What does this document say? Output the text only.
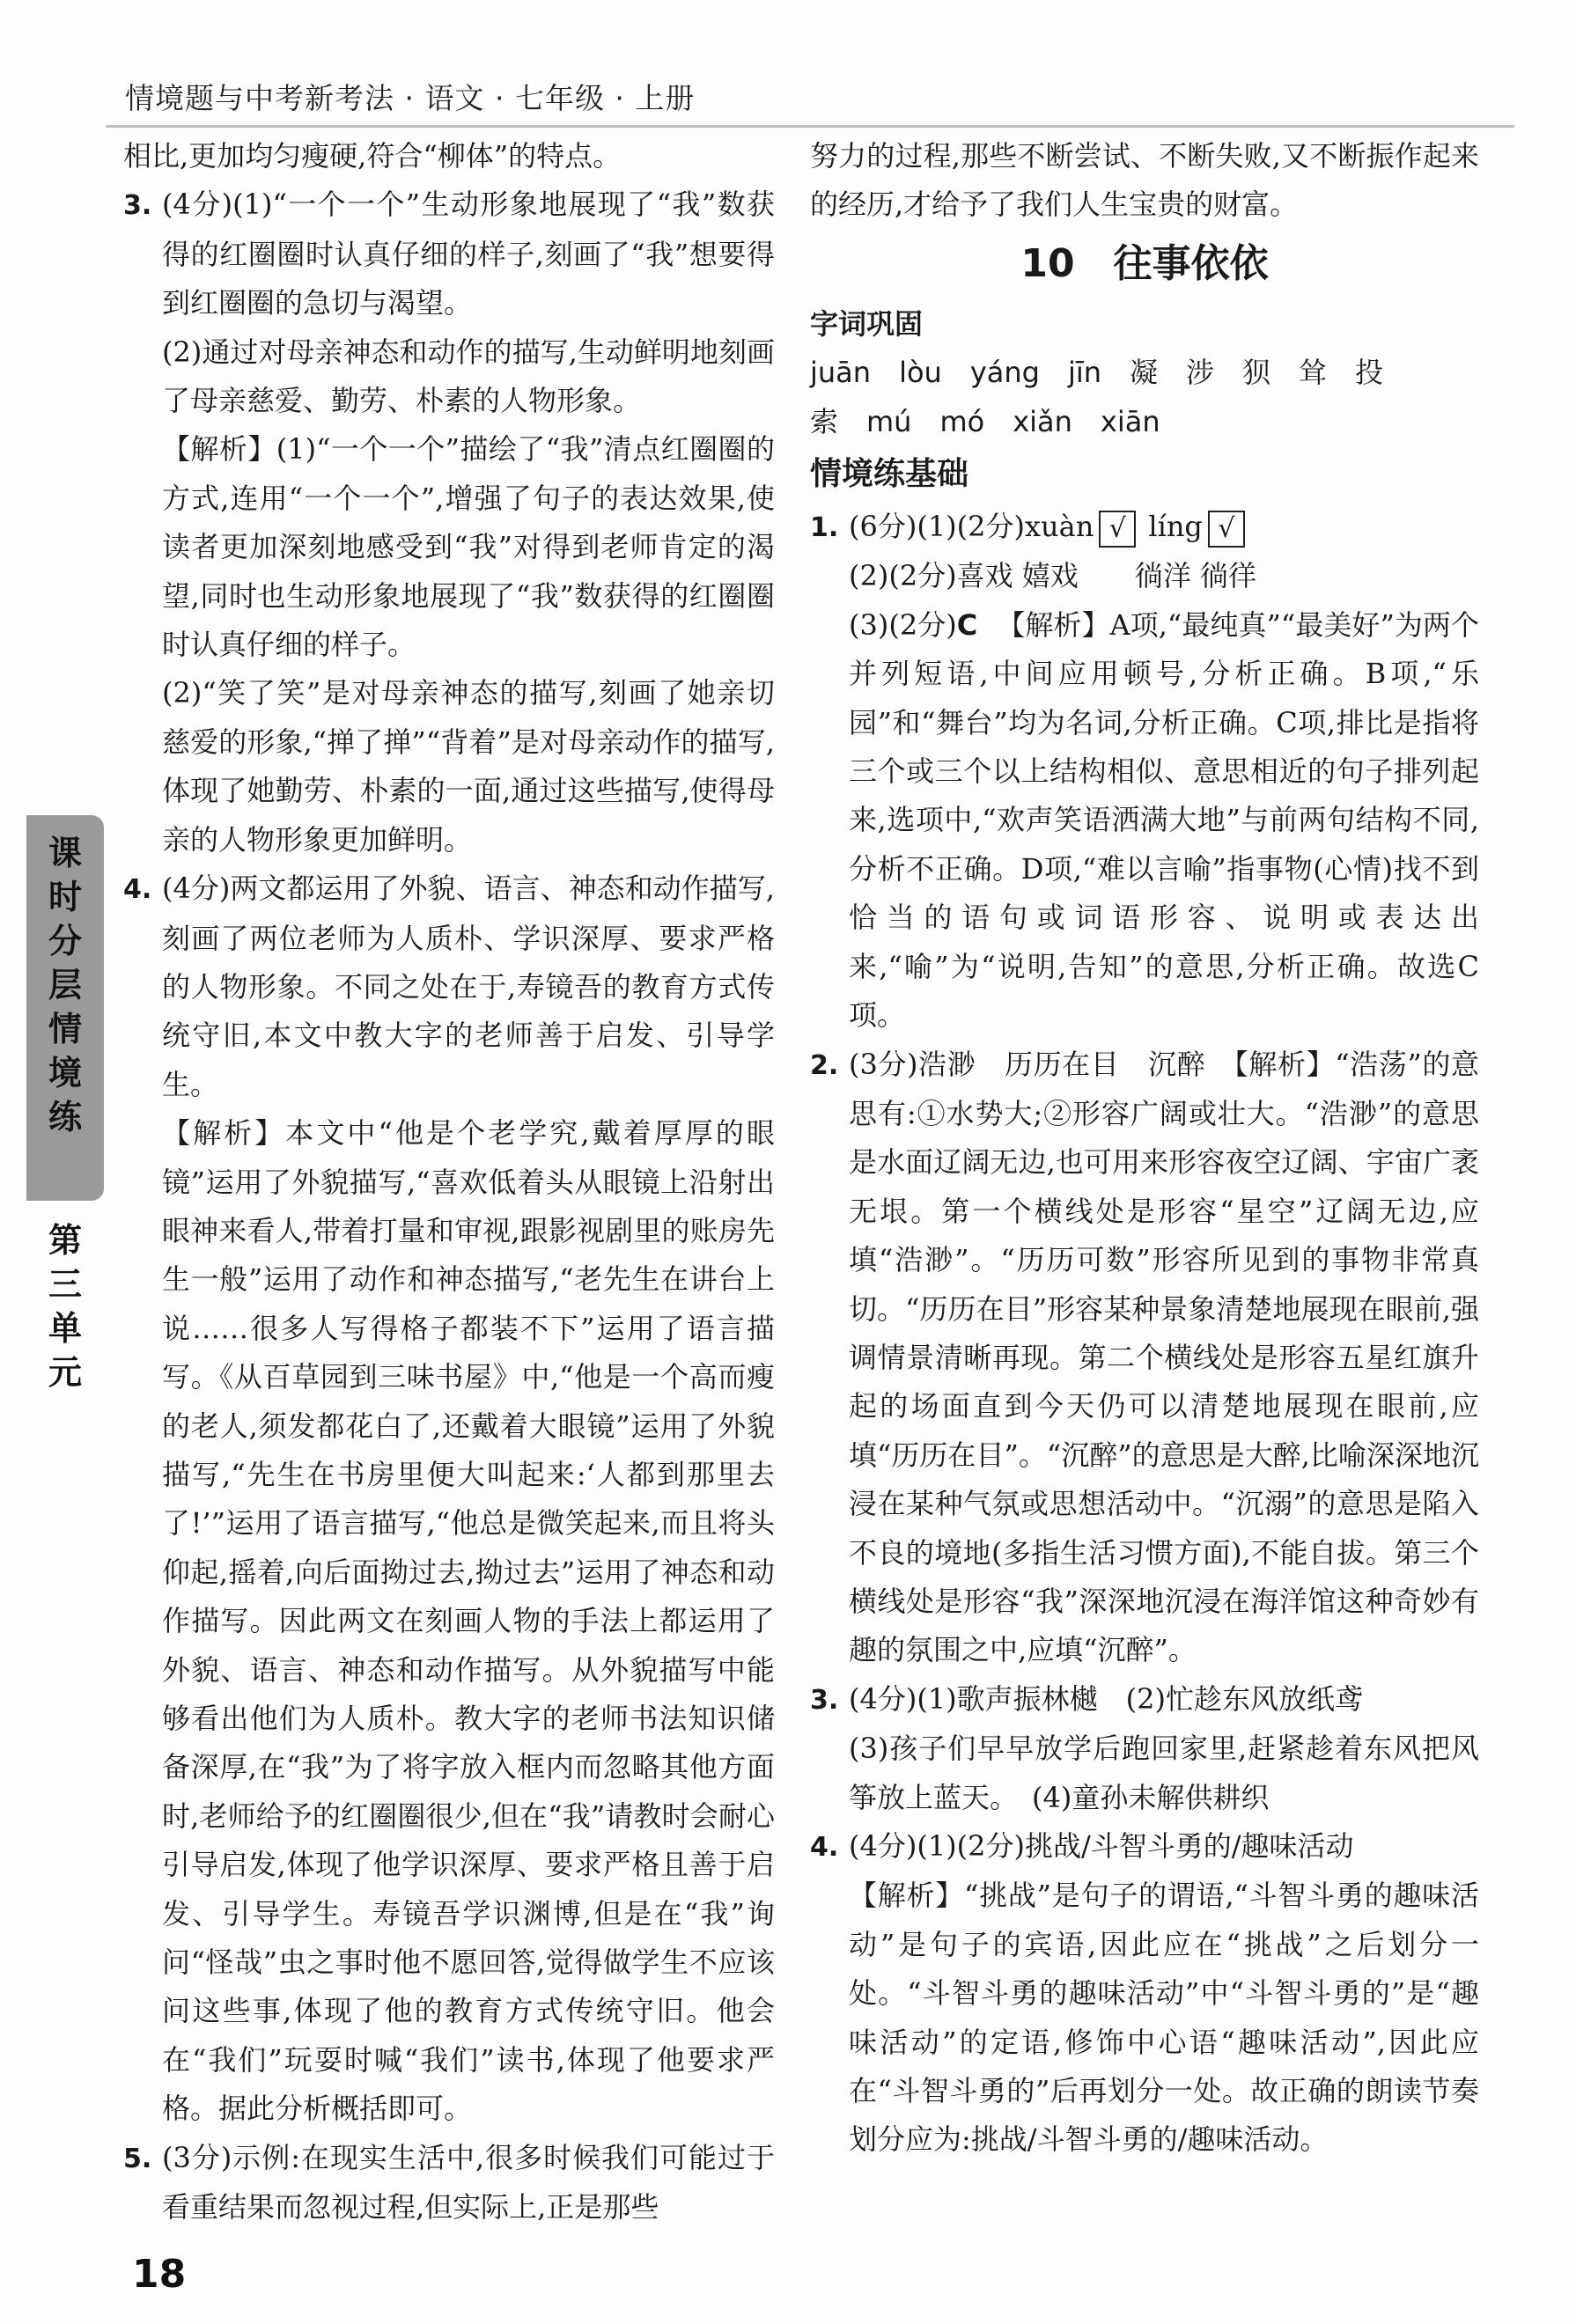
情境题与中考新考法 · 语文 · 七年级 · 上册
课
时
分
层
情
境
练
第
三
单
元
相比,更加均匀瘦硬,符合“柳体”的特点。
3. (4分)(1)“一个一个”生动形象地展现了“我”数获得的红圈圈时认真仔细的样子,刻画了“我”想要得到红圈圈的急切与渴望。
(2)通过对母亲神态和动作的描写,生动鲜明地刻画了母亲慈爱、勤劳、朴素的人物形象。
【解析】(1)“一个一个”描绘了“我”清点红圈圈的方式,连用“一个一个”,增强了句子的表达效果,使读者更加深刻地感受到“我”对得到老师肯定的渴望,同时也生动形象地展现了“我”数获得的红圈圈时认真仔细的样子。
(2)“笑了笑”是对母亲神态的描写,刻画了她亲切慈爱的形象,“掸了掸”“背着”是对母亲动作的描写,体现了她勤劳、朴素的一面,通过这些描写,使得母亲的人物形象更加鲜明。
4. (4分)两文都运用了外貌、语言、神态和动作描写,刻画了两位老师为人质朴、学识深厚、要求严格的人物形象。不同之处在于,寿镜吾的教育方式传统守旧,本文中教大字的老师善于启发、引导学生。
【解析】本文中“他是个老学究,戴着厚厚的眼镜”运用了外貌描写,“喜欢低着头从眼镜上沿射出眼神来看人,带着打量和审视,跟影视剧里的账房先生一般”运用了动作和神态描写,“老先生在讲台上说……很多人写得格子都装不下”运用了语言描写。《从百草园到三味书屋》中,“他是一个高而瘦的老人,须发都花白了,还戴着大眼镜”运用了外貌描写,“先生在书房里便大叫起来:‘人都到那里去了!’”运用了语言描写,“他总是微笑起来,而且将头仰起,摇着,向后面拗过去,拗过去”运用了神态和动作描写。因此两文在刻画人物的手法上都运用了外貌、语言、神态和动作描写。从外貌描写中能够看出他们为人质朴。教大字的老师书法知识储备深厚,在“我”为了将字放入框内而忽略其他方面时,老师给予的红圈圈很少,但在“我”请教时会耐心引导启发,体现了他学识深厚、要求严格且善于启发、引导学生。寿镜吾学识渊博,但是在“我”询问“怪哉”虫之事时他不愿回答,觉得做学生不应该问这些事,体现了他的教育方式传统守旧。他会在“我们”玩耍时喊“我们”读书,体现了他要求严格。据此分析概括即可。
5. (3分)示例:在现实生活中,很多时候我们可能过于看重结果而忽视过程,但实际上,正是那些
努力的过程,那些不断尝试、不断失败,又不断振作起来的经历,才给予了我们人生宝贵的财富。
10　往事依依
字词巩固
juān　lòu　yáng　jīn　凝　涉　狈　耸　投
索　mú　mó　xiǎn　xiān
情境练基础
1. (6分)(1)(2分)xuàn √ líng √
(2)(2分)喜戏 嬉戏　　徜洋 徜徉
(3)(2分)C 【解析】A项,“最纯真”“最美好”为两个并列短语,中间应用顿号,分析正确。B项,“乐园”和“舞台”均为名词,分析正确。C项,排比是指将三个或三个以上结构相似、意思相近的句子排列起来,选项中,“欢声笑语洒满大地”与前两句结构不同,分析不正确。D项,“难以言喻”指事物(心情)找不到恰当的语句或词语形容、说明或表达出来,“喻”为“说明,告知”的意思,分析正确。故选C项。
2. (3分)浩渺　历历在目　沉醉　【解析】“浩荡”的意思有:①水势大;②形容广阔或壮大。“浩渺”的意思是水面辽阔无边,也可用来形容夜空辽阔、宇宙广袤无垠。第一个横线处是形容“星空”辽阔无边,应填“浩渺”。“历历可数”形容所见到的事物非常真切。“历历在目”形容某种景象清楚地展现在眼前,强调情景清晰再现。第二个横线处是形容五星红旗升起的场面直到今天仍可以清楚地展现在眼前,应填“历历在目”。“沉醉”的意思是大醉,比喻深深地沉浸在某种气氛或思想活动中。“沉溺”的意思是陷入不良的境地(多指生活习惯方面),不能自拔。第三个横线处是形容“我”深深地沉浸在海洋馆这种奇妙有趣的氛围之中,应填“沉醉”。
3. (4分)(1)歌声振林樾　(2)忙趁东风放纸鸢
(3)孩子们早早放学后跑回家里,赶紧趁着东风把风筝放上蓝天。　(4)童孙未解供耕织
4. (4分)(1)(2分)挑战/斗智斗勇的/趣味活动
【解析】“挑战”是句子的谓语,“斗智斗勇的趣味活动”是句子的宾语,因此应在“挑战”之后划分一处。“斗智斗勇的趣味活动”中“斗智斗勇的”是“趣味活动”的定语,修饰中心语“趣味活动”,因此应在“斗智斗勇的”后再划分一处。故正确的朗读节奏划分应为:挑战/斗智斗勇的/趣味活动。
18
